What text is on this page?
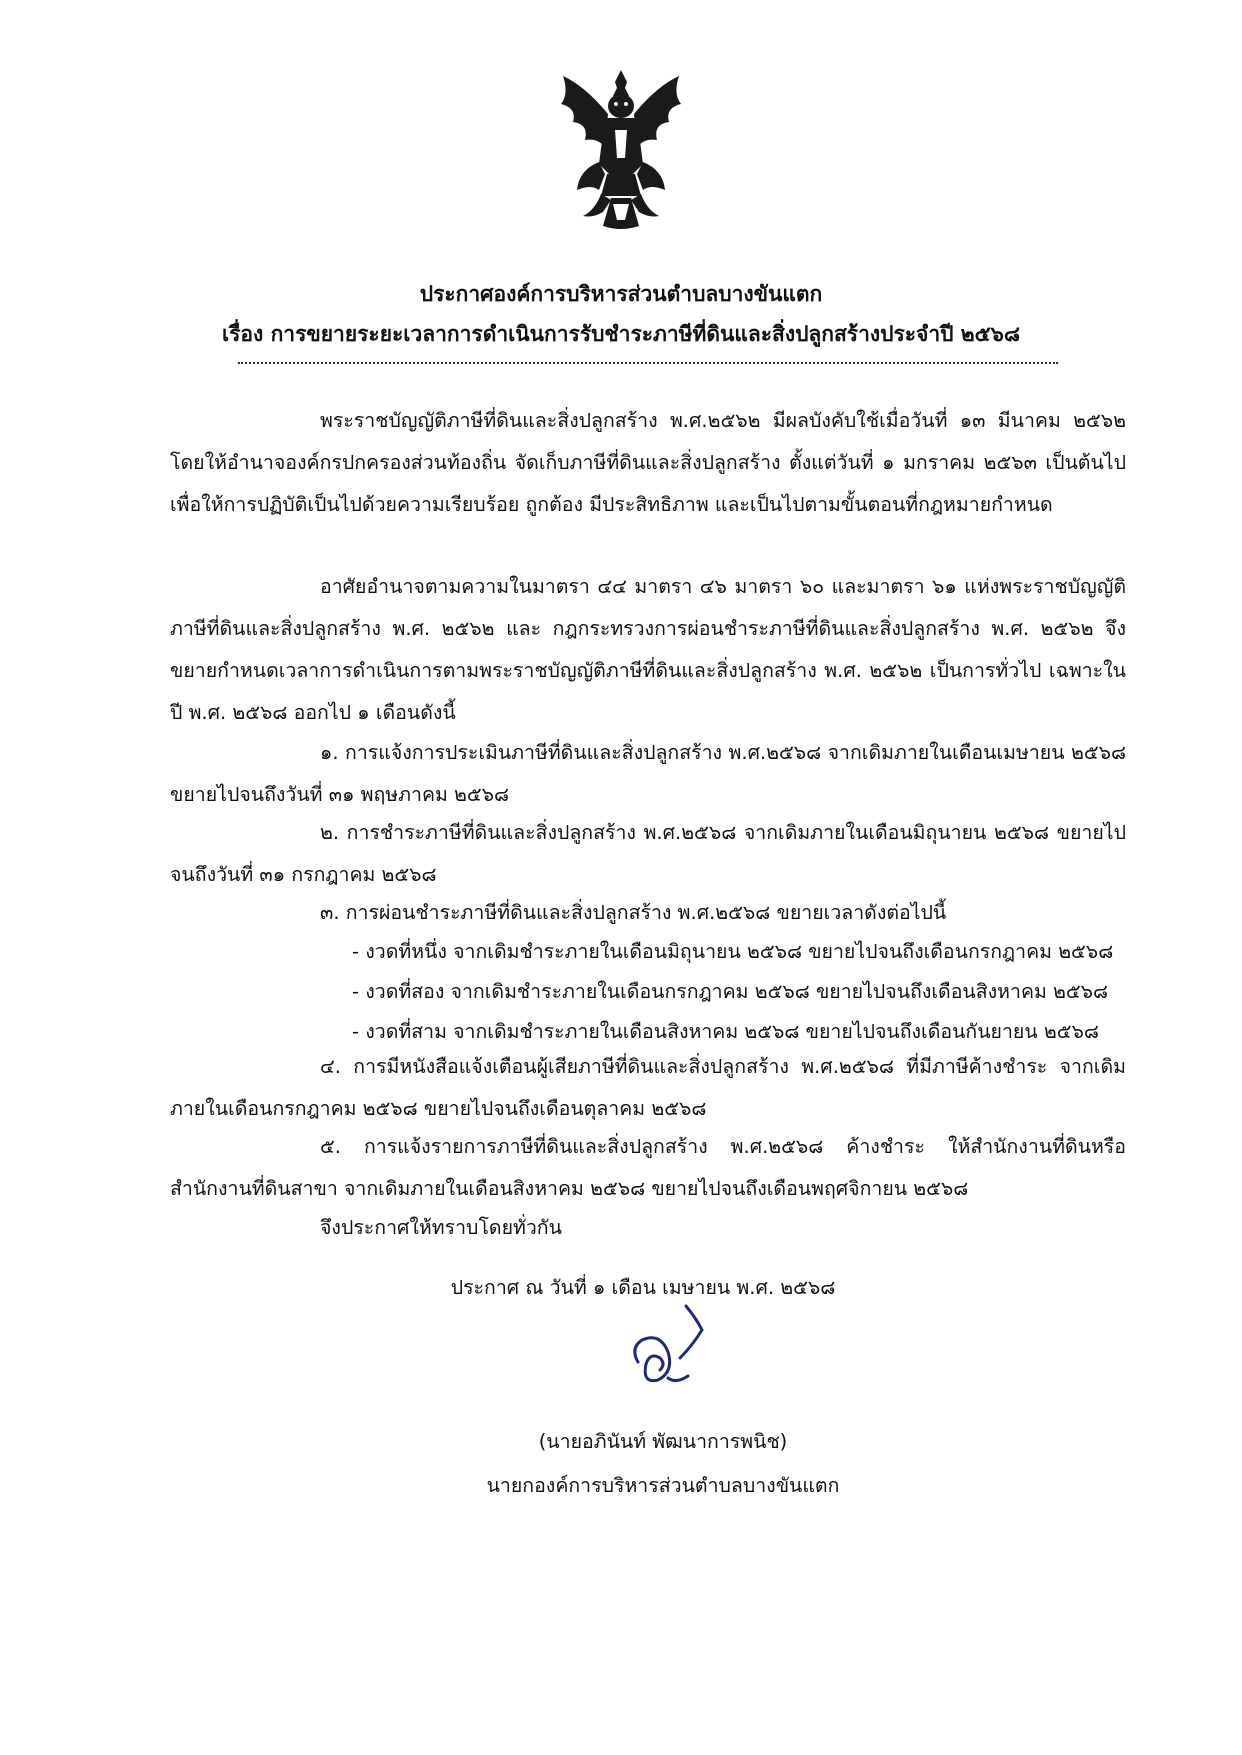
ประกาศองค์การบริหารส่วนตำบลบางขันแตก
เรื่อง การขยายระยะเวลาการดำเนินการรับชำระภาษีที่ดินและสิ่งปลูกสร้างประจำปี ๒๕๖๘

พระราชบัญญัติภาษีที่ดินและสิ่งปลูกสร้าง พ.ศ.๒๕๖๒ มีผลบังคับใช้เมื่อวันที่ ๑๓ มีนาคม ๒๕๖๒ โดยให้อำนาจองค์กรปกครองส่วนท้องถิ่น จัดเก็บภาษีที่ดินและสิ่งปลูกสร้าง ตั้งแต่วันที่ ๑ มกราคม ๒๕๖๓ เป็นต้นไป เพื่อให้การปฏิบัติเป็นไปด้วยความเรียบร้อย ถูกต้อง มีประสิทธิภาพ และเป็นไปตามขั้นตอนที่กฎหมายกำหนด

อาศัยอำนาจตามความในมาตรา ๔๔ มาตรา ๔๖ มาตรา ๖๐ และมาตรา ๖๑ แห่งพระราชบัญญัติภาษีที่ดินและสิ่งปลูกสร้าง พ.ศ. ๒๕๖๒ และ กฎกระทรวงการผ่อนชำระภาษีที่ดินและสิ่งปลูกสร้าง พ.ศ. ๒๕๖๒ จึงขยายกำหนดเวลาการดำเนินการตามพระราชบัญญัติภาษีที่ดินและสิ่งปลูกสร้าง พ.ศ. ๒๕๖๒ เป็นการทั่วไป เฉพาะในปี พ.ศ. ๒๕๖๘ ออกไป ๑ เดือนดังนี้

๑. การแจ้งการประเมินภาษีที่ดินและสิ่งปลูกสร้าง พ.ศ.๒๕๖๘ จากเดิมภายในเดือนเมษายน ๒๕๖๘ ขยายไปจนถึงวันที่ ๓๑ พฤษภาคม ๒๕๖๘

๒. การชำระภาษีที่ดินและสิ่งปลูกสร้าง พ.ศ.๒๕๖๘ จากเดิมภายในเดือนมิถุนายน ๒๕๖๘ ขยายไปจนถึงวันที่ ๓๑ กรกฎาคม ๒๕๖๘

๓. การผ่อนชำระภาษีที่ดินและสิ่งปลูกสร้าง พ.ศ.๒๕๖๘ ขยายเวลาดังต่อไปนี้

- งวดที่หนึ่ง จากเดิมชำระภายในเดือนมิถุนายน ๒๕๖๘ ขยายไปจนถึงเดือนกรกฎาคม ๒๕๖๘
- งวดที่สอง จากเดิมชำระภายในเดือนกรกฎาคม ๒๕๖๘ ขยายไปจนถึงเดือนสิงหาคม ๒๕๖๘
- งวดที่สาม จากเดิมชำระภายในเดือนสิงหาคม ๒๕๖๘ ขยายไปจนถึงเดือนกันยายน ๒๕๖๘

๔. การมีหนังสือแจ้งเตือนผู้เสียภาษีที่ดินและสิ่งปลูกสร้าง พ.ศ.๒๕๖๘ ที่มีภาษีค้างชำระ จากเดิมภายในเดือนกรกฎาคม ๒๕๖๘ ขยายไปจนถึงเดือนตุลาคม ๒๕๖๘

๕. การแจ้งรายการภาษีที่ดินและสิ่งปลูกสร้าง พ.ศ.๒๕๖๘ ค้างชำระ ให้สำนักงานที่ดินหรือสำนักงานที่ดินสาขา จากเดิมภายในเดือนสิงหาคม ๒๕๖๘ ขยายไปจนถึงเดือนพฤศจิกายน ๒๕๖๘

จึงประกาศให้ทราบโดยทั่วกัน
ประกาศ ณ วันที่ ๑ เดือน เมษายน พ.ศ. ๒๕๖๘
(นายอภินันท์ พัฒนาการพนิช)
นายกองค์การบริหารส่วนตำบลบางขันแตก
